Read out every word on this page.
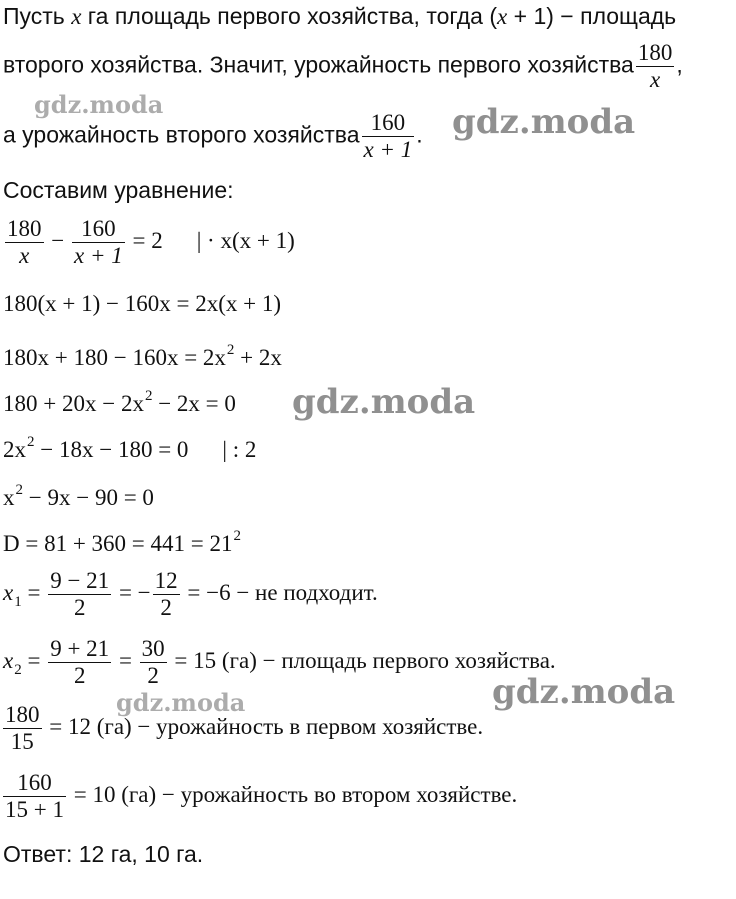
Пусть x га площадь первого хозяйства, тогда (x + 1) − площадь
второго хозяйства. Значит, урожайность первого хозяйства $\frac{180}{x}$ ,
а урожайность второго хозяйства $\frac{160}{x + 1}$ .
Составим уравнение:
$\frac{180}{x} - \frac{160}{x + 1} = 2$ | · x(x + 1)
180(x + 1) − 160x = 2x(x + 1)
$180x + 180 - 160x = 2x^2 + 2x$
$180 + 20x - 2x^2 - 2x = 0$
$2x^2 - 18x - 180 = 0$ | : 2
$x^2 - 9x - 90 = 0$
$D = 81 + 360 = 441 = 21^2$
$x_1 = \frac{9 - 21}{2}$ = − $\frac{12}{2} = -6$ − не подходит.
$x_2 = \frac{9 + 21}{2} = \frac{30}{2} = 15$ (га) − площадь первого хозяйства.
$\frac{180}{15} = 12$ (га) − урожайность в первом хозяйстве.
$\frac{160}{15 + 1} = 10$ (га) − урожайность во втором хозяйстве.
Ответ: 12 га, 10 га.
gdz.moda	gdz.moda
gdz.moda
gdz.moda
gdz.moda
